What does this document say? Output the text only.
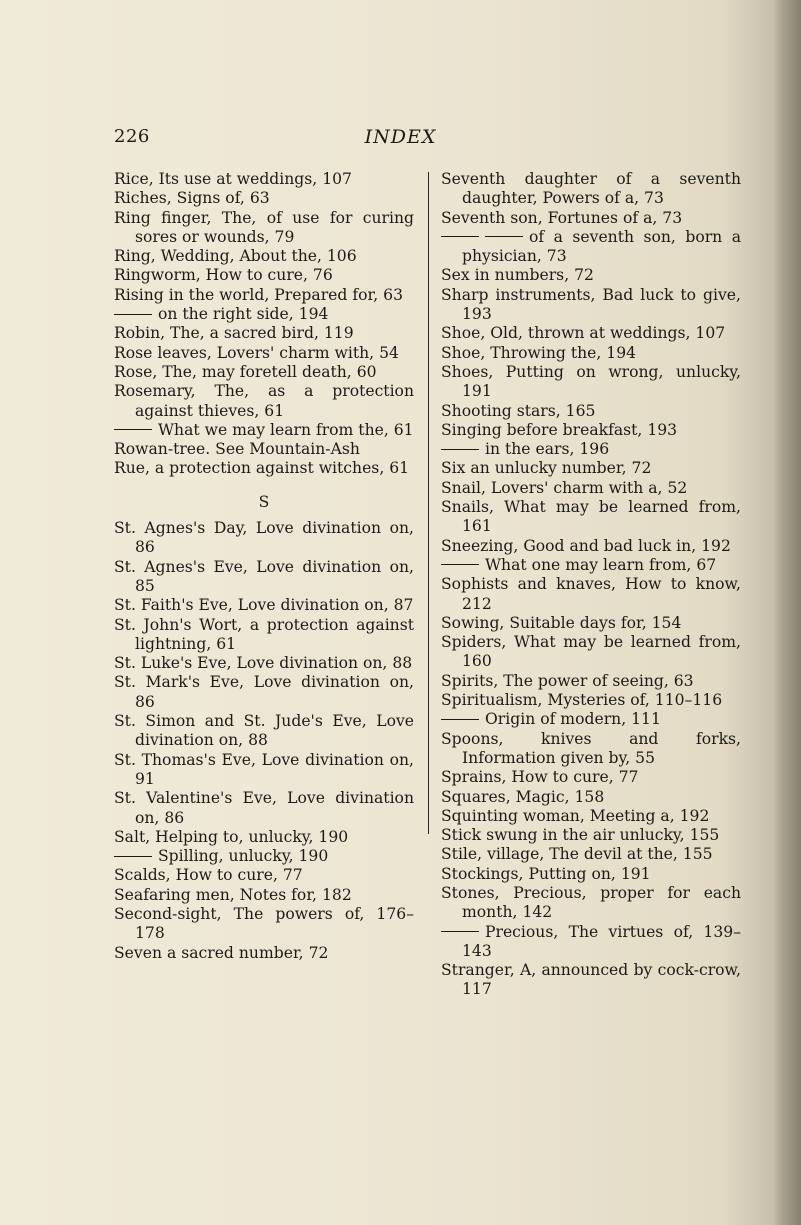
226	INDEX
Rice, Its use at weddings, 107
Riches, Signs of, 63
Ring finger, The, of use for curing sores or wounds, 79
Ring, Wedding, About the, 106
Ringworm, How to cure, 76
Rising in the world, Prepared for, 63
on the right side, 194
Robin, The, a sacred bird, 119
Rose leaves, Lovers' charm with, 54
Rose, The, may foretell death, 60
Rosemary, The, as a protection against thieves, 61
What we may learn from the, 61
Rowan-tree. See Mountain-Ash
Rue, a protection against witches, 61
S
St. Agnes's Day, Love divination on, 86
St. Agnes's Eve, Love divination on, 85
St. Faith's Eve, Love divination on, 87
St. John's Wort, a protection against lightning, 61
St. Luke's Eve, Love divination on, 88
St. Mark's Eve, Love divination on, 86
St. Simon and St. Jude's Eve, Love divination on, 88
St. Thomas's Eve, Love divination on, 91
St. Valentine's Eve, Love divination on, 86
Salt, Helping to, unlucky, 190
Spilling, unlucky, 190
Scalds, How to cure, 77
Seafaring men, Notes for, 182
Second-sight, The powers of, 176–178
Seven a sacred number, 72
Seventh daughter of a seventh daughter, Powers of a, 73
Seventh son, Fortunes of a, 73
of a seventh son, born a physician, 73
Sex in numbers, 72
Sharp instruments, Bad luck to give, 193
Shoe, Old, thrown at weddings, 107
Shoe, Throwing the, 194
Shoes, Putting on wrong, unlucky, 191
Shooting stars, 165
Singing before breakfast, 193
in the ears, 196
Six an unlucky number, 72
Snail, Lovers' charm with a, 52
Snails, What may be learned from, 161
Sneezing, Good and bad luck in, 192
What one may learn from, 67
Sophists and knaves, How to know, 212
Sowing, Suitable days for, 154
Spiders, What may be learned from, 160
Spirits, The power of seeing, 63
Spiritualism, Mysteries of, 110–116
Origin of modern, 111
Spoons, knives and forks, Information given by, 55
Sprains, How to cure, 77
Squares, Magic, 158
Squinting woman, Meeting a, 192
Stick swung in the air unlucky, 155
Stile, village, The devil at the, 155
Stockings, Putting on, 191
Stones, Precious, proper for each month, 142
Precious, The virtues of, 139–143
Stranger, A, announced by cock-crow, 117
